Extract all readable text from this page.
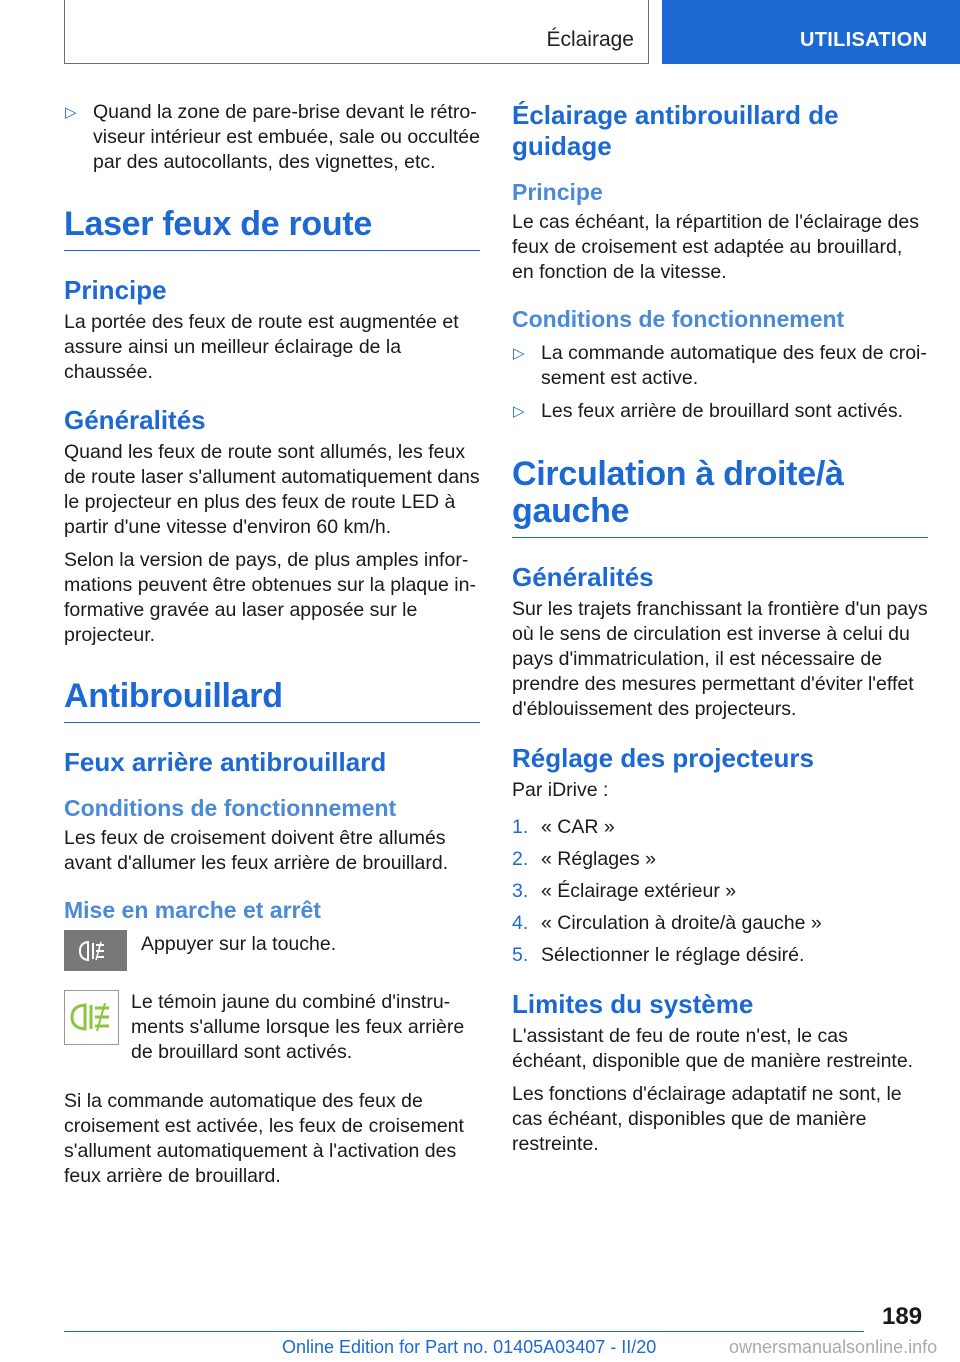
Éclairage	UTILISATION
▷ Quand la zone de pare-brise devant le rétroviseur intérieur est embuée, sale ou occultée par des autocollants, des vignettes, etc.
Laser feux de route
Principe

La portée des feux de route est augmentée et assure ainsi un meilleur éclairage de la chaussée.

Généralités

Quand les feux de route sont allumés, les feux de route laser s'allument automatiquement dans le projecteur en plus des feux de route LED à partir d'une vitesse d'environ 60 km/h.

Selon la version de pays, de plus amples informations peuvent être obtenues sur la plaque informative gravée au laser apposée sur le projecteur.

Antibrouillard
Feux arrière antibrouillard
Conditions de fonctionnement

Les feux de croisement doivent être allumés avant d'allumer les feux arrière de brouillard.

Mise en marche et arrêt

Appuyer sur la touche.

Le témoin jaune du combiné d'instruments s'allume lorsque les feux arrière de brouillard sont activés.

Si la commande automatique des feux de croisement est activée, les feux de croisement s'allument automatiquement à l'activation des feux arrière de brouillard.

Éclairage antibrouillard de guidage
Principe

Le cas échéant, la répartition de l'éclairage des feux de croisement est adaptée au brouillard, en fonction de la vitesse.

Conditions de fonctionnement
▷ La commande automatique des feux de croisement est active.
▷ Les feux arrière de brouillard sont activés.
Circulation à droite/à gauche
Généralités

Sur les trajets franchissant la frontière d'un pays où le sens de circulation est inverse à celui du pays d'immatriculation, il est nécessaire de prendre des mesures permettant d'éviter l'effet d'éblouissement des projecteurs.

Réglage des projecteurs

Par iDrive :

1. « CAR »
2. « Réglages »
3. « Éclairage extérieur »
4. « Circulation à droite/à gauche »
5. Sélectionner le réglage désiré.
Limites du système

L'assistant de feu de route n'est, le cas échéant, disponible que de manière restreinte.

Les fonctions d'éclairage adaptatif ne sont, le cas échéant, disponibles que de manière restreinte.

189
Online Edition for Part no. 01405A03407 - II/20	ownersmanualsonline.info
